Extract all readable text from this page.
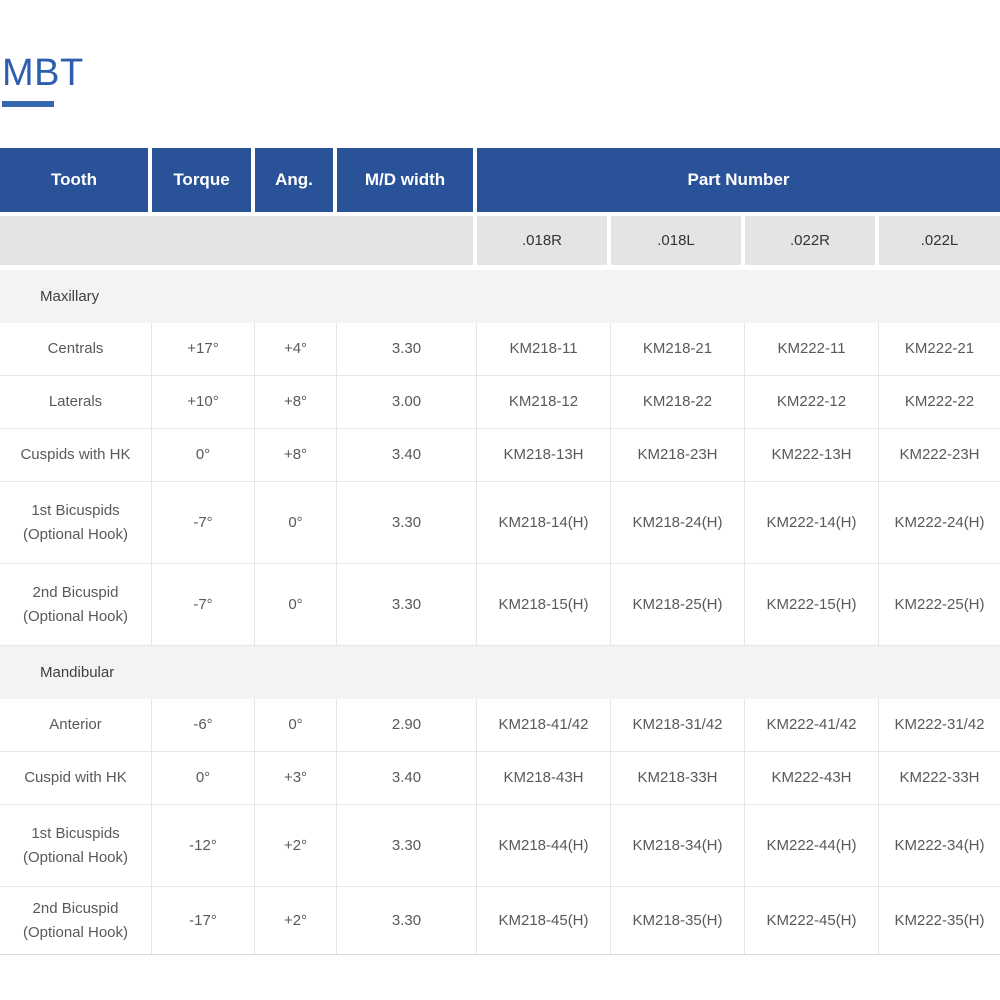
MBT
Tooth	Torque	Ang.	M/D width	Part Number
.018R	.018L	.022R	.022L
Maxillary
Centrals	+17°	+4°	3.30	KM218-11	KM218-21	KM222-11	KM222-21
Laterals	+10°	+8°	3.00	KM218-12	KM218-22	KM222-12	KM222-22
Cuspids with HK	0°	+8°	3.40	KM218-13H	KM218-23H	KM222-13H	KM222-23H
1st Bicuspids
(Optional Hook)
-7°	0°	3.30	KM218-14(H)	KM218-24(H)	KM222-14(H)	KM222-24(H)
2nd Bicuspid
(Optional Hook)
-7°	0°	3.30	KM218-15(H)	KM218-25(H)	KM222-15(H)	KM222-25(H)
Mandibular
Anterior	-6°	0°	2.90	KM218-41/42	KM218-31/42	KM222-41/42	KM222-31/42
Cuspid with HK	0°	+3°	3.40	KM218-43H	KM218-33H	KM222-43H	KM222-33H
1st Bicuspids
(Optional Hook)
-12°	+2°	3.30	KM218-44(H)	KM218-34(H)	KM222-44(H)	KM222-34(H)
2nd Bicuspid
(Optional Hook)
-17°	+2°	3.30	KM218-45(H)	KM218-35(H)	KM222-45(H)	KM222-35(H)
